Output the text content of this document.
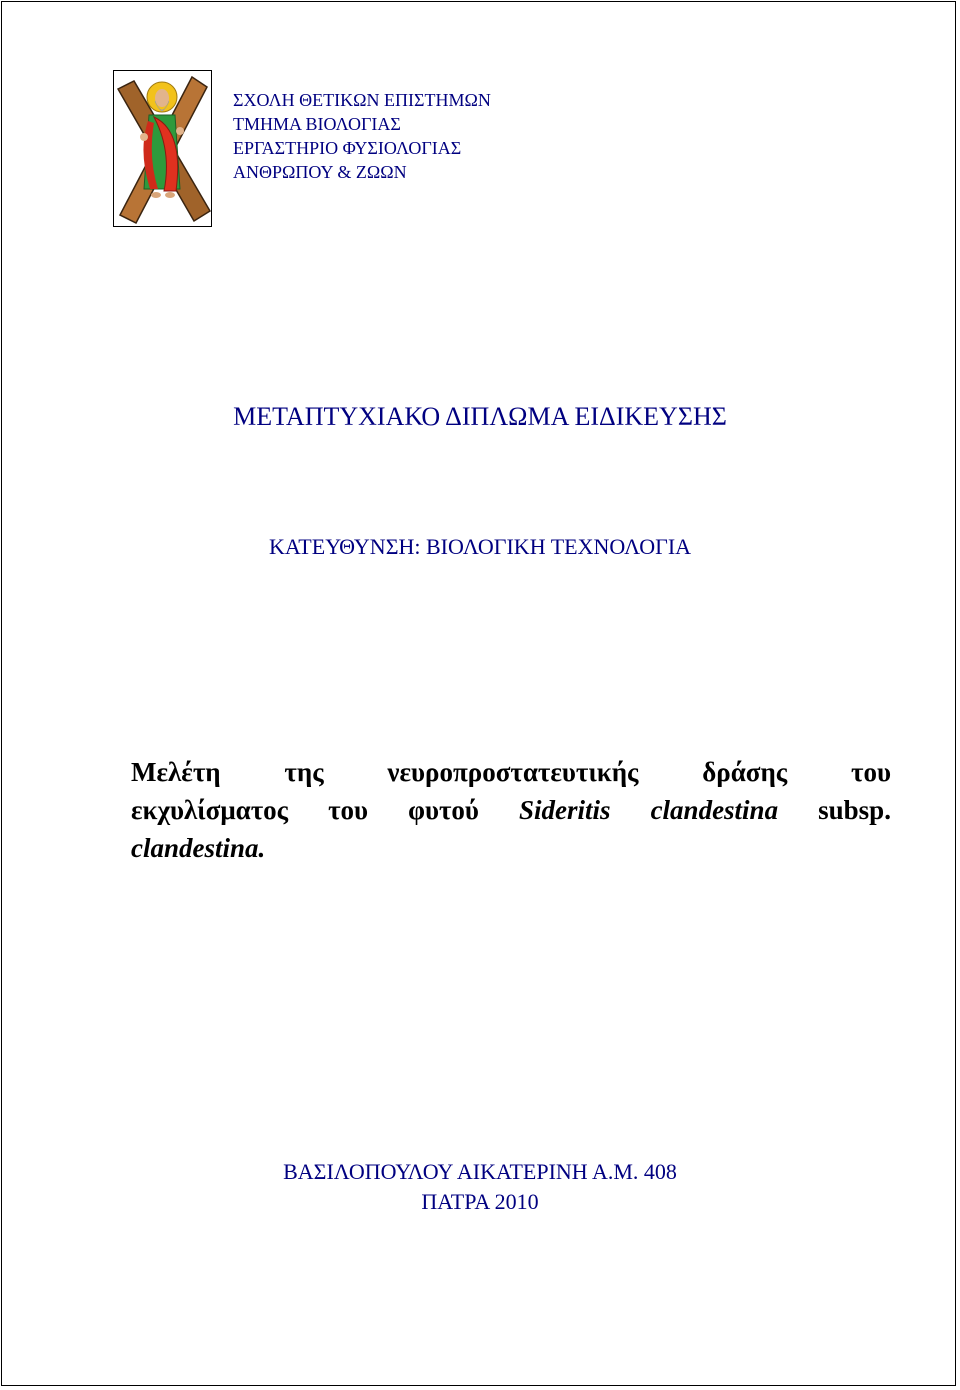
ΣΧΟΛΗ ΘΕΤΙΚΩΝ ΕΠΙΣΤΗΜΩΝ
ΤΜΗΜΑ ΒΙΟΛΟΓΙΑΣ
ΕΡΓΑΣΤΗΡΙΟ ΦΥΣΙΟΛΟΓΙΑΣ
ΑΝΘΡΩΠΟΥ & ΖΩΩΝ
ΜΕΤΑΠΤΥΧΙΑΚΟ ΔΙΠΛΩΜΑ ΕΙΔΙΚΕΥΣΗΣ
ΚΑΤΕΥΘΥΝΣΗ: ΒΙΟΛΟΓΙΚΗ ΤΕΧΝΟΛΟΓΙΑ
Μελέτη της νευροπροστατευτικής δράσης του
εκχυλίσματος του φυτού Sideritis clandestina subsp.
clandestina.
ΒΑΣΙΛΟΠΟΥΛΟΥ ΑΙΚΑΤΕΡΙΝΗ Α.Μ. 408
ΠΑΤΡΑ 2010
